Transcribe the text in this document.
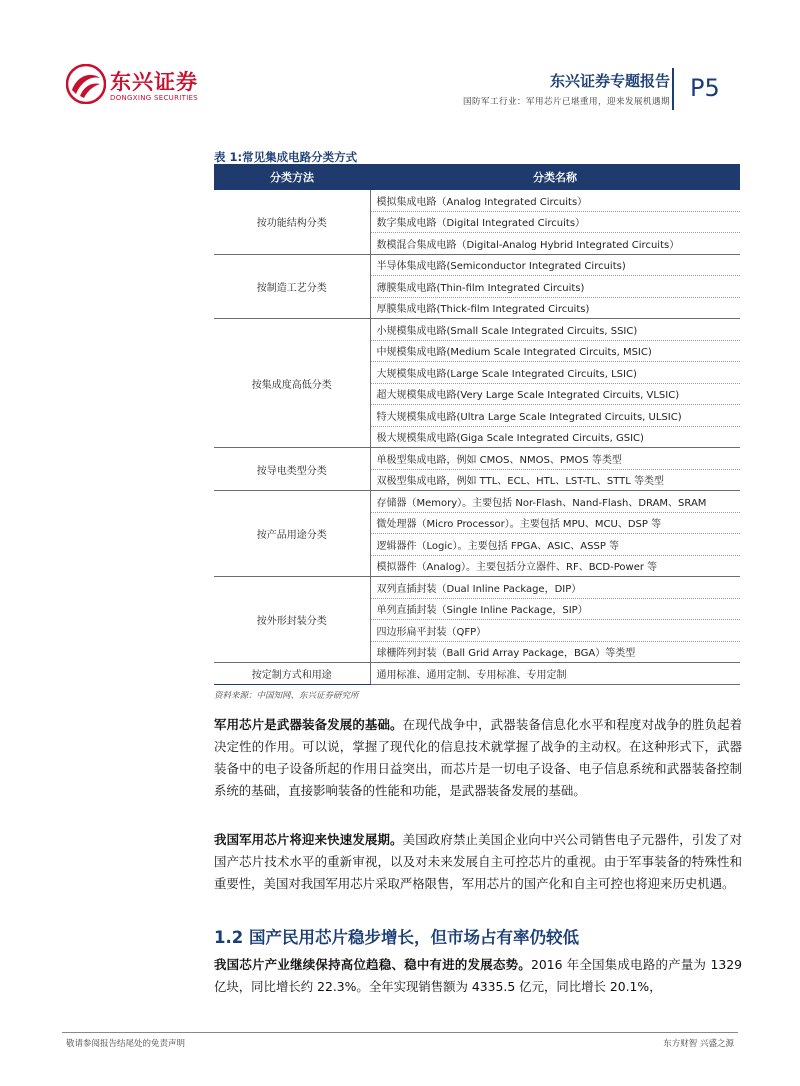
东兴证券
DONGXING SECURITIES
东兴证券专题报告
国防军工行业：军用芯片已堪重用，迎来发展机遇期 P5
表 1:常见集成电路分类方式
分类方法	分类名称
按功能结构分类	模拟集成电路（Analog Integrated Circuits）
	数字集成电路（Digital Integrated Circuits）
	数模混合集成电路（Digital-Analog Hybrid Integrated Circuits）
按制造工艺分类	半导体集成电路(Semiconductor Integrated Circuits)
	薄膜集成电路(Thin-film Integrated Circuits)
	厚膜集成电路(Thick-film Integrated Circuits)
按集成度高低分类	小规模集成电路(Small Scale Integrated Circuits, SSIC)
	中规模集成电路(Medium Scale Integrated Circuits, MSIC)
	大规模集成电路(Large Scale Integrated Circuits, LSIC)
	超大规模集成电路(Very Large Scale Integrated Circuits, VLSIC)
	特大规模集成电路(Ultra Large Scale Integrated Circuits, ULSIC)
	极大规模集成电路(Giga Scale Integrated Circuits, GSIC)
按导电类型分类	单极型集成电路，例如 CMOS、NMOS、PMOS 等类型
	双极型集成电路，例如 TTL、ECL、HTL、LST-TL、STTL 等类型
按产品用途分类	存储器（Memory）。主要包括 Nor-Flash、Nand-Flash、DRAM、SRAM
	微处理器（Micro Processor）。主要包括 MPU、MCU、DSP 等
	逻辑器件（Logic）。主要包括 FPGA、ASIC、ASSP 等
	模拟器件（Analog）。主要包括分立器件、RF、BCD-Power 等
按外形封装分类	双列直插封装（Dual Inline Package，DIP）
	单列直插封装（Single Inline Package，SIP）
	四边形扁平封装（QFP）
	球栅阵列封装（Ball Grid Array Package，BGA）等类型
按定制方式和用途	通用标准、通用定制、专用标准、专用定制
资料来源：中国知网、东兴证券研究所
军用芯片是武器装备发展的基础。在现代战争中，武器装备信息化水平和程度对战争的胜负起着决定性的作用。可以说，掌握了现代化的信息技术就掌握了战争的主动权。在这种形式下，武器装备中的电子设备所起的作用日益突出，而芯片是一切电子设备、电子信息系统和武器装备控制系统的基础，直接影响装备的性能和功能，是武器装备发展的基础。
我国军用芯片将迎来快速发展期。美国政府禁止美国企业向中兴公司销售电子元器件，引发了对国产芯片技术水平的重新审视，以及对未来发展自主可控芯片的重视。由于军事装备的特殊性和重要性，美国对我国军用芯片采取严格限售，军用芯片的国产化和自主可控也将迎来历史机遇。
1.2 国产民用芯片稳步增长，但市场占有率仍较低
我国芯片产业继续保持高位趋稳、稳中有进的发展态势。2016 年全国集成电路的产量为 1329 亿块，同比增长约 22.3%。全年实现销售额为 4335.5 亿元，同比增长 20.1%，
敬请参阅报告结尾处的免责声明	东方财智 兴盛之源
